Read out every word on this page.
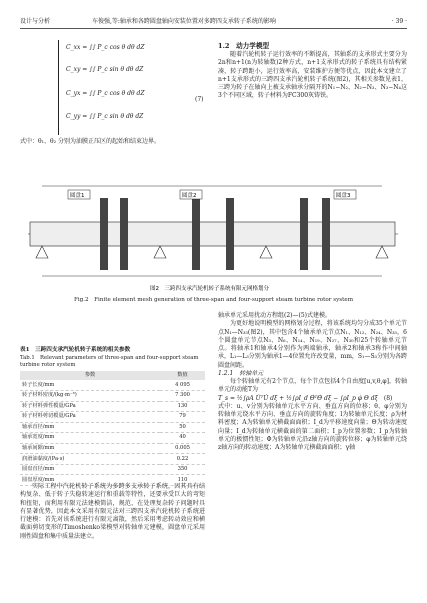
设计与分析	车俊强,等:轴承和各跨圆盘轴向安装位置对多跨四支承转子系统的影响	· 39 ·
C_xx = ∫∫ P_c cos θ dθ dZ
C_xy = ∫∫ P_c sin θ dθ dZ
C_yx = ∫∫ P_c cos θ dθ dZ
C_yy = ∫∫ P_c sin θ dθ dZ
(7)

式中：θ₁、θ₂ 分别为油膜正压区的起始和结束边界。

1.2　动力学模型

随着汽轮机转子运行效率的不断提高，其轴系的支承形式主要分为2n和n+1(n为转轴数)2种方式，n+1支承形式的转子系统具有结构紧凑，转子跨距小，运行效率高，安装维护方便等优点，因此本文建立了n+1支承形式的三跨四支承汽轮机转子系统(图2)，其相关参数见表1，三跨为转子在轴向上被支承轴承分隔开的N₁−N₂、N₂−N₃、N₃−N₄这3个不同区域，转子材料为FC300灰铸铁。

圆盘1	圆盘2	圆盘3
图2　三跨四支承汽轮机转子系统有限元网格划分
Fig.2　Finite element mesh generation of three-span and four-support steam turbine rotor system
表1　三跨四支承汽轮机转子系统的相关参数
Tab.1　Relevant parameters of three-span and four-support steam turbine rotor system
参数	数值
转子长度/mm	4 095
转子材料密度/(kg·m⁻³)	7 300
转子材料弹性模量/GPa	130
转子材料剪切模量/GPa	79
轴承直径/mm	50
轴承宽度/mm	40
轴承间隙/mm	0.005
润滑油黏度/(Pa·s)	0.22
圆盘直径/mm	350
圆盘厚度/mm	110

实际工程中汽轮机转子系统为多跨多支承转子系统，因其具有结构复杂、低于转子失稳转速运行和重载等特性，还要承受巨大的弯矩和扭矩，而利用有限元法建模简洁，规范，在处理复杂转子问题时具有显著优势，因此本文采用有限元法对三跨四支承汽轮机转子系统进行建模：首先对该系统进行有限元离散，然后采用考虑转动效应和横截面剪切变形的Timoshenko梁模型对转轴单元建模，圆盘单元采用刚性圆盘和集中质量法建立。

轴承单元采用扰动方程组(2)—(5)式建模。

为更好地说明模型的网格划分过程，将该系统均匀分成35个单元节点N₁—N₃₅(图2)，其中包含4个轴承单元节点N₁、N₁₂、N₂₄、N₃₅，6个圆盘单元节点N₃、N₆、N₁₄、N₁₉、N₂₇、N₃₀和25个转轴单元节点。将轴承1和轴承4分别作为两端轴承，轴承2和轴承3称作中间轴承，L₁—L₃分别为轴承1—4位置允许改变量，mm，S₁—S₃分别为各跨圆盘间距。

1.2.1　转轴单元

每个转轴单元有2个节点，每个节点包括4个自由度[u,v,θ,φ]，转轴单元的动能T为

T_s = ½∫ρA U̇ᵀU̇ dξ + ½∫ρI_d Θ̇ᵀΘ̇ dξ − ∫ρI_p φ̇ Θ dξ　 (8)

式中：u、v分别为转轴单元水平方向、垂直方向的位移；θ、φ分别为转轴单元绕水平方向、垂直方向的旋转角度；l为转轴单元长度；ρ为材料密度；A为转轴单元横截面面积；I_d为平移速度向量；Θ为转动速度向量；I_d为转轴单元横截面的第二面积；I_p为位置参数；I_p为转轴单元的极惯性矩；Φ为转轴单元沿z轴方向的旋转位移；φ为转轴单元绕z轴方向的转动速度；A为转轴单元横截面面积；γ轴
